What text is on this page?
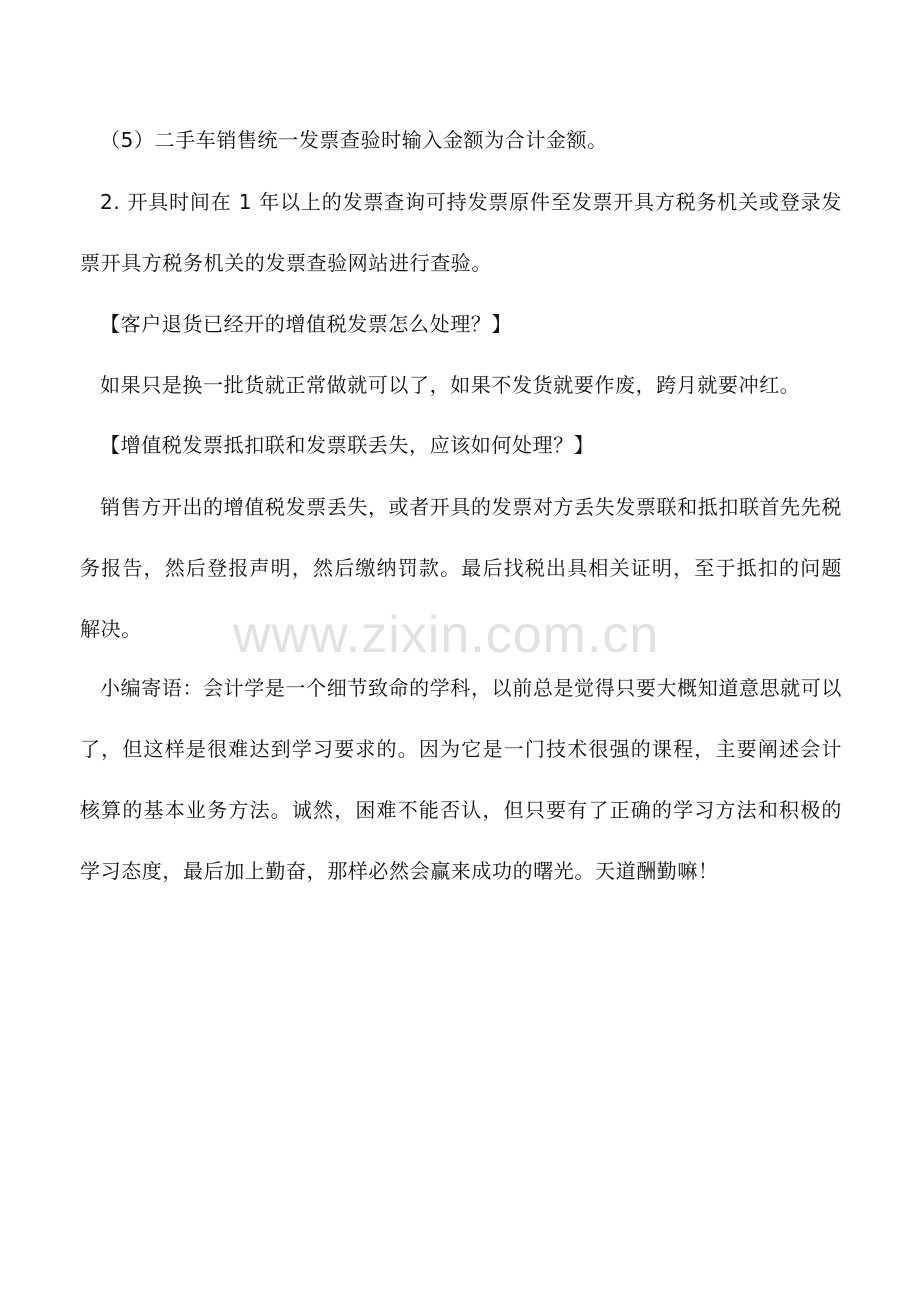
（5）二手车销售统一发票查验时输入金额为合计金额。

2. 开具时间在 1 年以上的发票查询可持发票原件至发票开具方税务机关或登录发票开具方税务机关的发票查验网站进行查验。

【客户退货已经开的增值税发票怎么处理？】

如果只是换一批货就正常做就可以了，如果不发货就要作废，跨月就要冲红。

【增值税发票抵扣联和发票联丢失，应该如何处理？】

销售方开出的增值税发票丢失，或者开具的发票对方丢失发票联和抵扣联首先先税务报告，然后登报声明，然后缴纳罚款。最后找税出具相关证明，至于抵扣的问题解决。

小编寄语：会计学是一个细节致命的学科，以前总是觉得只要大概知道意思就可以了，但这样是很难达到学习要求的。因为它是一门技术很强的课程，主要阐述会计核算的基本业务方法。诚然，困难不能否认，但只要有了正确的学习方法和积极的学习态度，最后加上勤奋，那样必然会赢来成功的曙光。天道酬勤嘛！

www.zixin.com.cn
